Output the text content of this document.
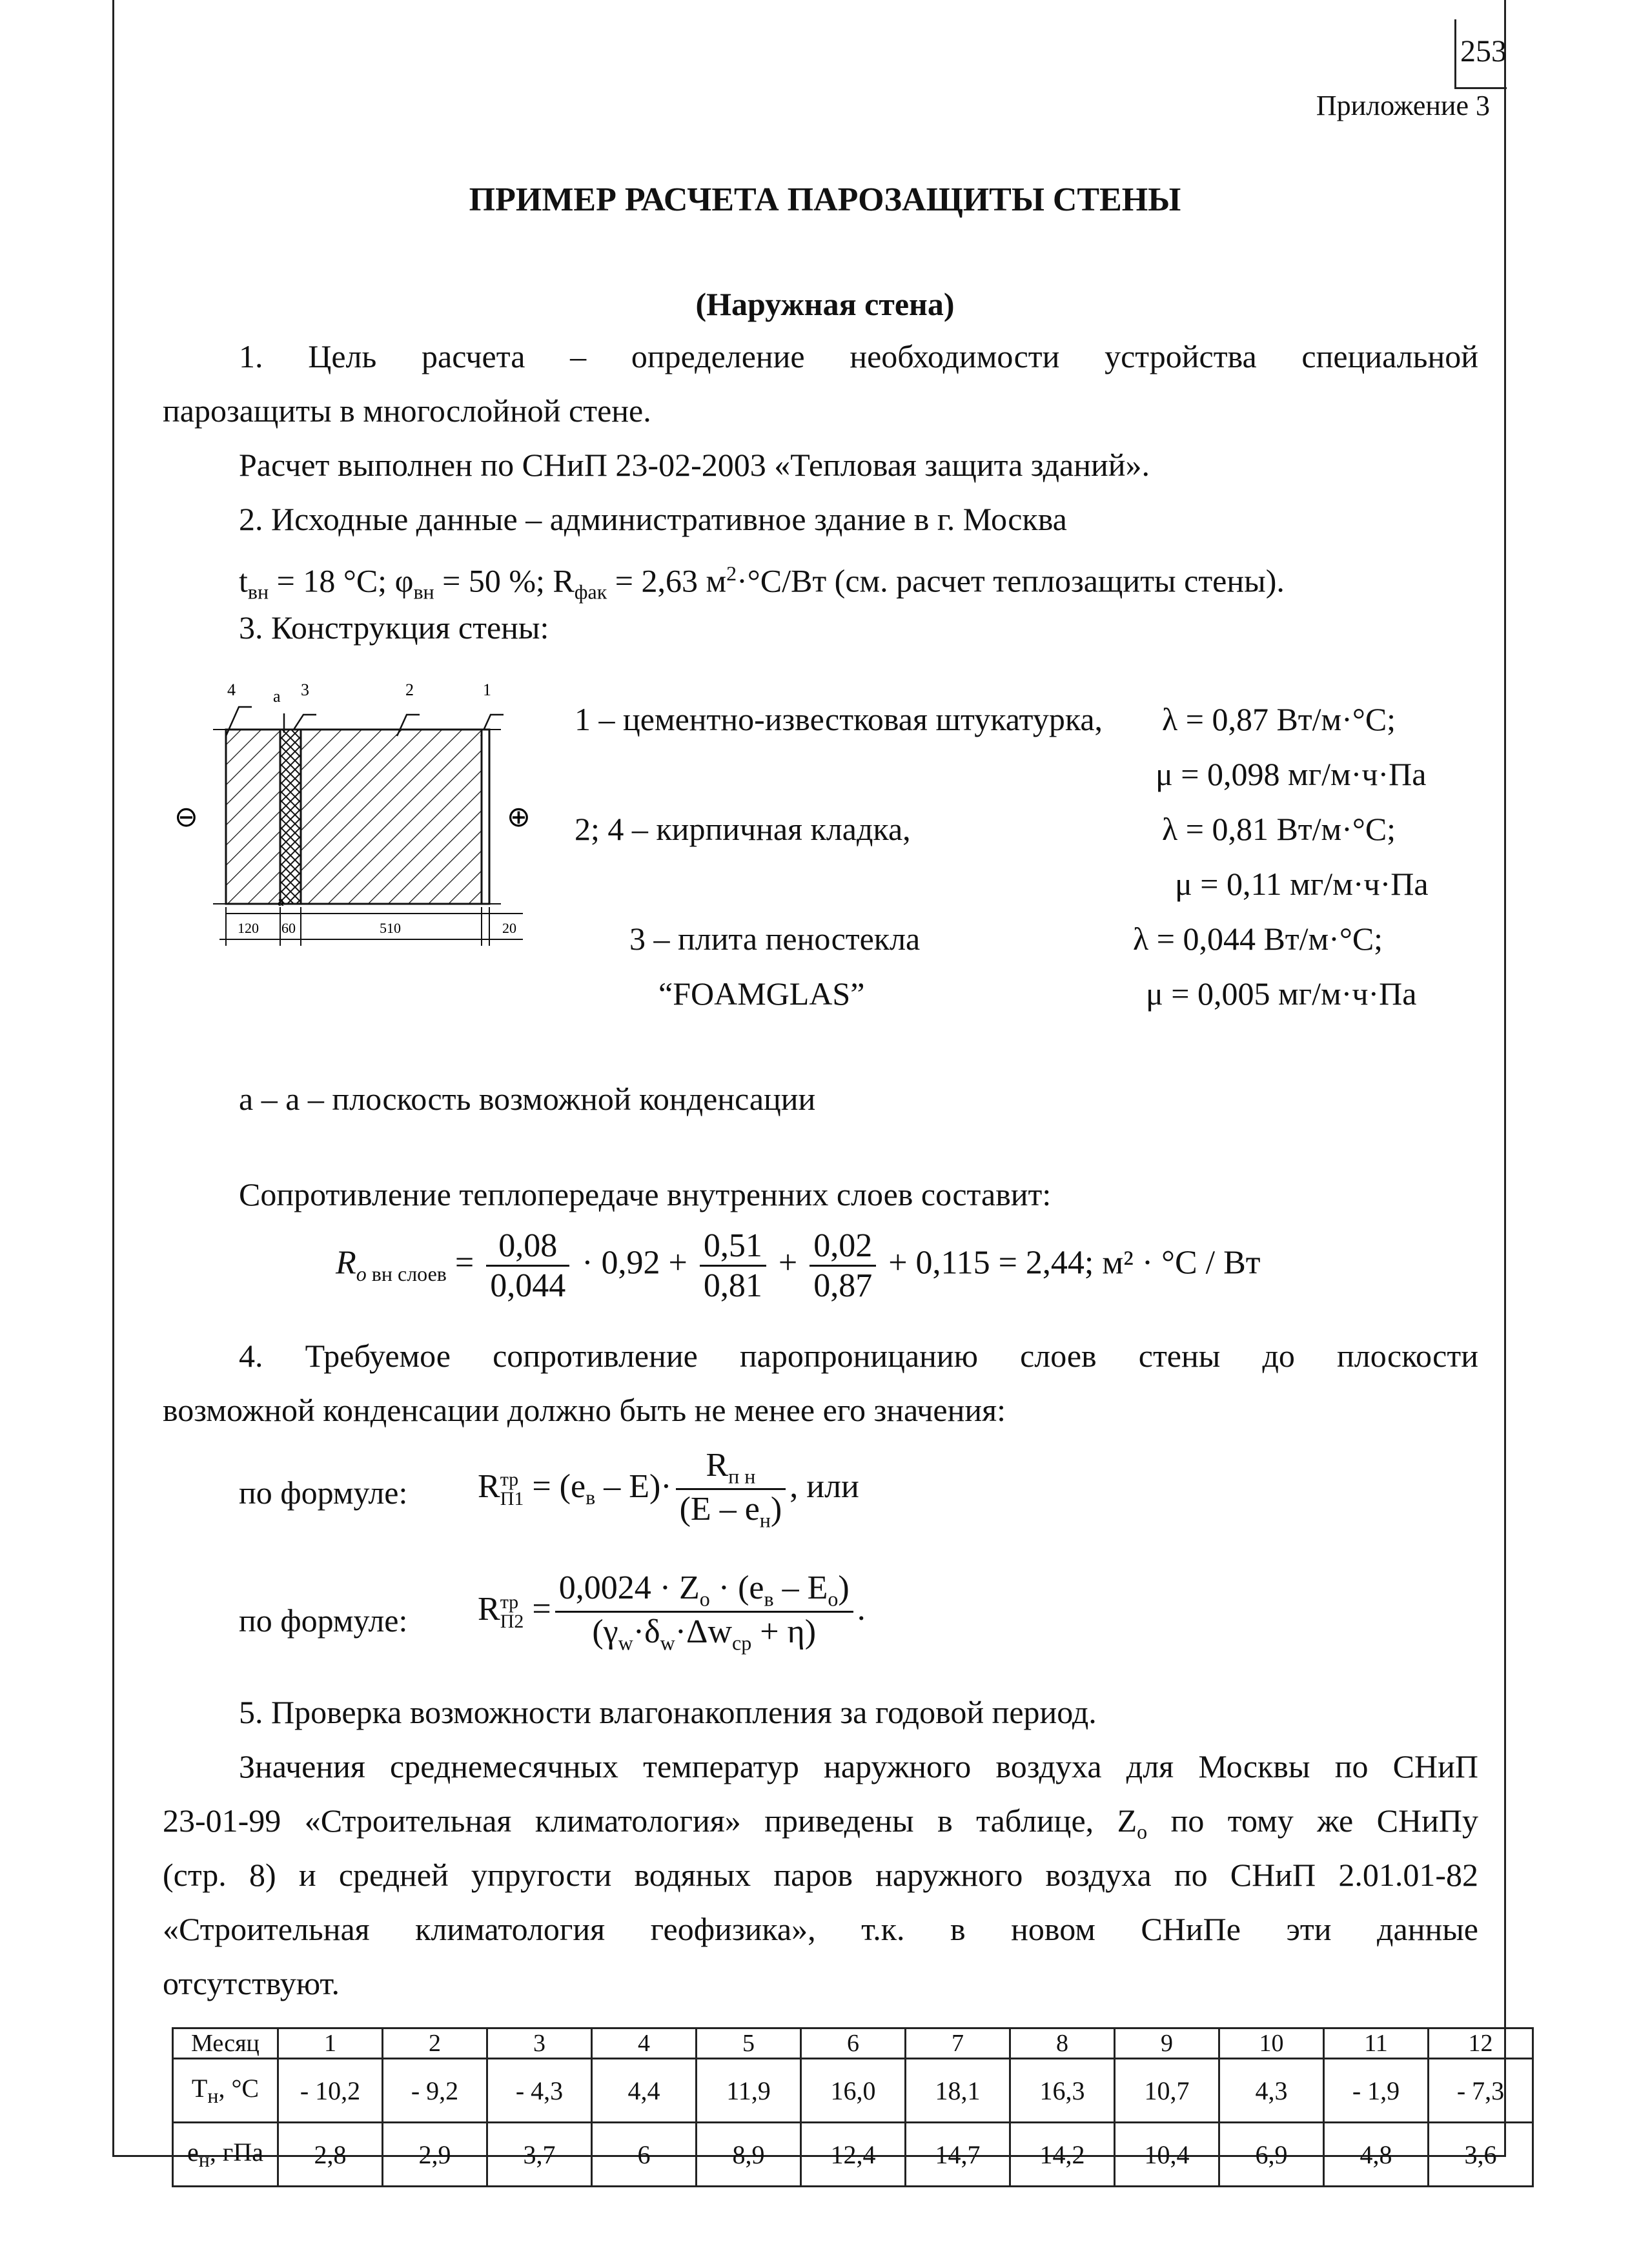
253
Приложение 3
ПРИМЕР РАСЧЕТА ПАРОЗАЩИТЫ СТЕНЫ
(Наружная стена)
1. Цель расчета – определение необходимости устройства специальной
парозащиты в многослойной стене.
Расчет выполнен по СНиП 23-02-2003 «Тепловая защита зданий».
2. Исходные данные – административное здание в г. Москва
$t_{вн} = 18$ °С; $\varphi_{вн} = 50$ %; $R_{фак} = 2,63$ $м^2\cdot^\circ С/Вт$ (см. расчет теплозащиты стены).
3. Конструкция стены:
4 а 3	2	1
⊖	⊕
а
120 60	510	20
1 – цементно-известковая штукатурка, λ = 0,87 Вт/м·°С;
μ = 0,098 мг/м·ч·Па
2; 4 – кирпичная кладка,	λ = 0,81 Вт/м·°С;
μ = 0,11 мг/м·ч·Па
3 – плита пеностекла	λ = 0,044 Вт/м·°С;
“FOAMGLAS”	μ = 0,005 мг/м·ч·Па
а – а – плоскость возможной конденсации
Сопротивление теплопередаче внутренних слоев составит:
$R_{о вн слоев} = \frac{0,08}{0,044} \cdot 0,92 + \frac{0,51}{0,81} + \frac{0,02}{0,87} + 0,115 = 2,44$; м² · °С / Вт
4. Требуемое сопротивление паропроницанию слоев стены до плоскости
возможной конденсации должно быть не менее его значения:
по формуле: R тр
$П1 = (е_в - E)\cdot \frac{R_{п н}}{(E - е_н)}$ , или
по формуле: R тр
$П2 = \frac{0,0024 \cdot Z_о \cdot (е_в - E_о)}{(\gamma_w\cdot\delta_w\cdot\Delta w_{ср} + \eta)}$ .
5. Проверка возможности влагонакопления за годовой период.
Значения среднемесячных температур наружного воздуха для Москвы по СНиП
23-01-99 «Строительная климатология» приведены в таблице, $Z_о$ по тому же СНиПу
(стр. 8) и средней упругости водяных паров наружного воздуха по СНиП 2.01.01-82
«Строительная климатология геофизика», т.к. в новом СНиПе эти данные
отсутствуют.
Месяц	1	2	3	4	5	6	7	8	9	10	11	12
$Т_н$, °С	- 10,2	- 9,2	- 4,3	4,4	11,9	16,0	18,1	16,3	10,7	4,3	- 1,9	- 7,3
$е_н$, гПа	2,8	2,9	3,7	6	8,9	12,4	14,7	14,2	10,4	6,9	4,8	3,6
